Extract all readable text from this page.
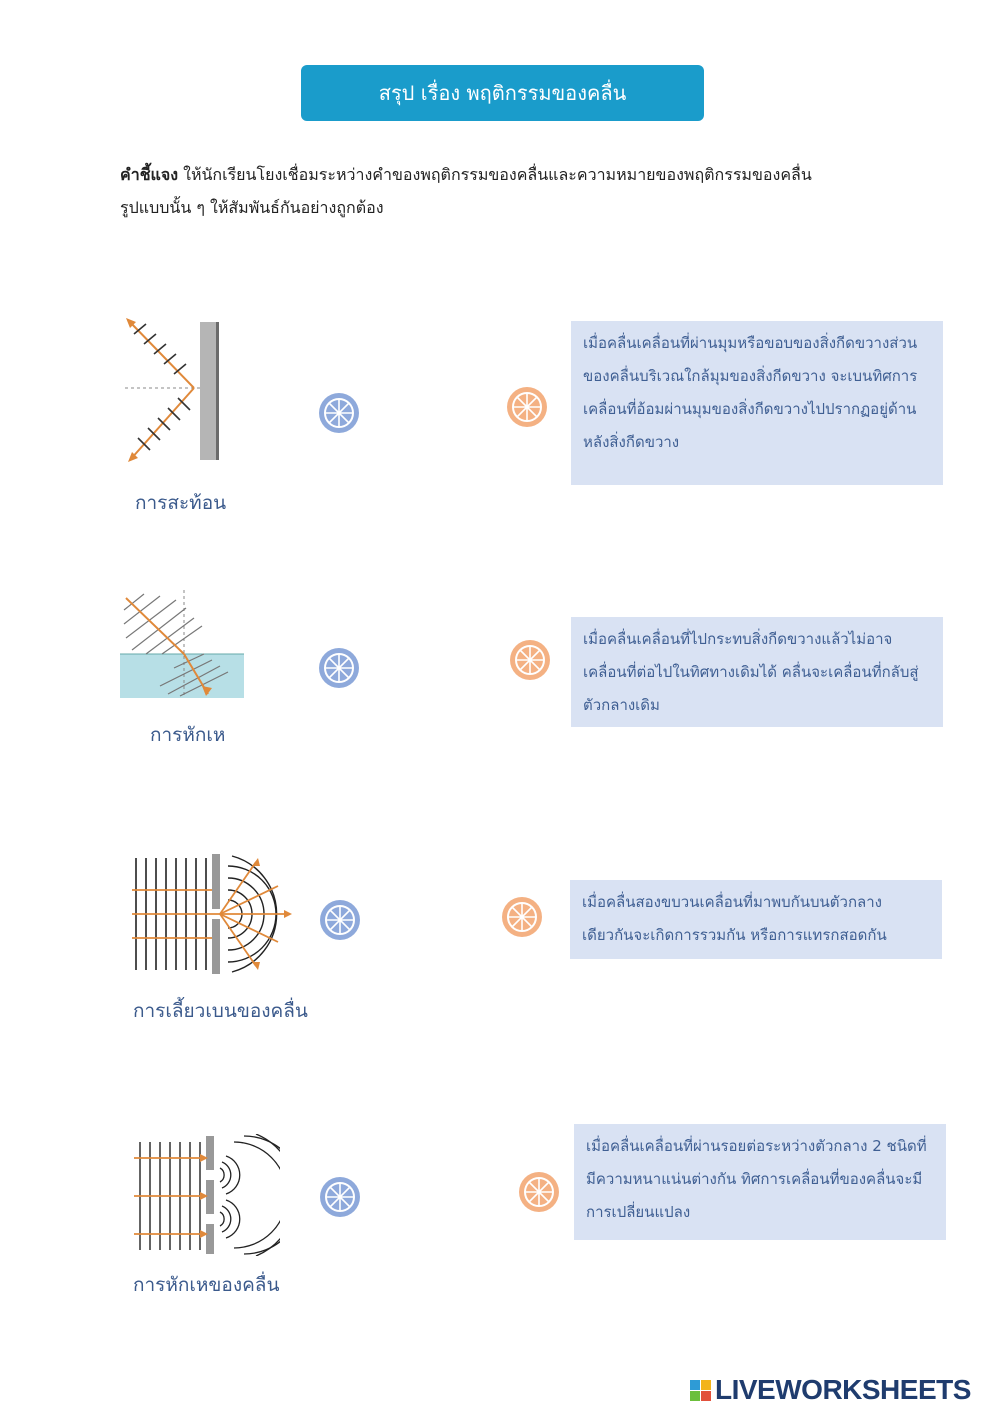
สรุป เรื่อง พฤติกรรมของคลื่น
คำชี้แจง ให้นักเรียนโยงเชื่อมระหว่างคำของพฤติกรรมของคลื่นและความหมายของพฤติกรรมของคลื่น
รูปแบบนั้น ๆ ให้สัมพันธ์กันอย่างถูกต้อง
การสะท้อน
เมื่อคลื่นเคลื่อนที่ผ่านมุมหรือขอบของสิ่งกีดขวางส่วนของคลื่นบริเวณใกล้มุมของสิ่งกีดขวาง จะเบนทิศการเคลื่อนที่อ้อมผ่านมุมของสิ่งกีดขวางไปปรากฏอยู่ด้านหลังสิ่งกีดขวาง
การหักเห
เมื่อคลื่นเคลื่อนที่ไปกระทบสิ่งกีดขวางแล้วไม่อาจเคลื่อนที่ต่อไปในทิศทางเดิมได้ คลื่นจะเคลื่อนที่กลับสู่ตัวกลางเดิม
การเลี้ยวเบนของคลื่น
เมื่อคลื่นสองขบวนเคลื่อนที่มาพบกันบนตัวกลางเดียวกันจะเกิดการรวมกัน หรือการแทรกสอดกัน
การหักเหของคลื่น
เมื่อคลื่นเคลื่อนที่ผ่านรอยต่อระหว่างตัวกลาง 2 ชนิดที่มีความหนาแน่นต่างกัน ทิศการเคลื่อนที่ของคลื่นจะมีการเปลี่ยนแปลง
LIVEWORKSHEETS
